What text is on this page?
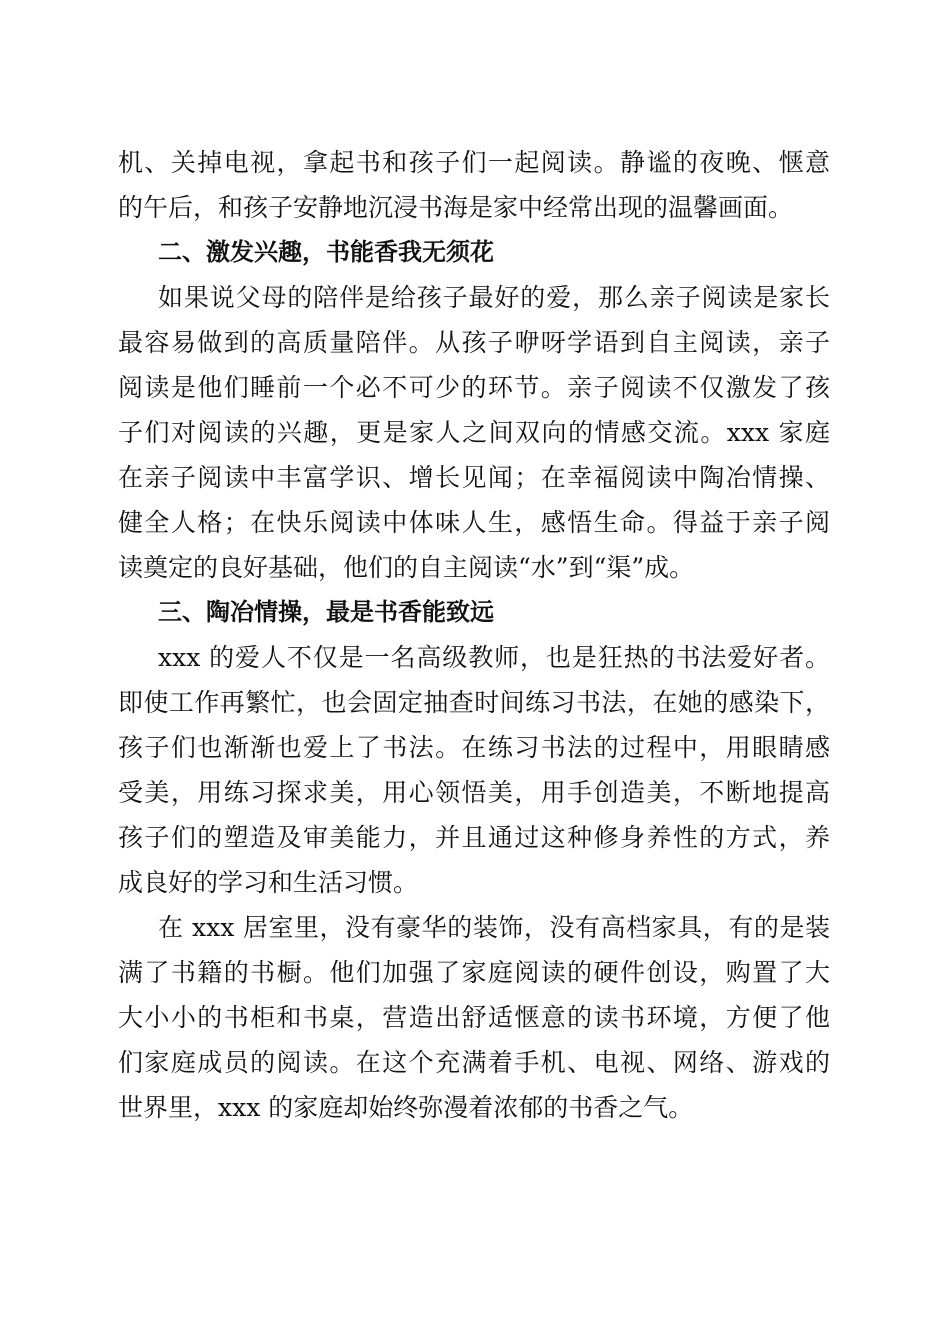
机、关掉电视，拿起书和孩子们一起阅读。静谧的夜晚、惬意
的午后，和孩子安静地沉浸书海是家中经常出现的温馨画面。
二、激发兴趣，书能香我无须花
如果说父母的陪伴是给孩子最好的爱，那么亲子阅读是家长
最容易做到的高质量陪伴。从孩子咿呀学语到自主阅读，亲子
阅读是他们睡前一个必不可少的环节。亲子阅读不仅激发了孩
子们对阅读的兴趣，更是家人之间双向的情感交流。xxx 家庭
在亲子阅读中丰富学识、增长见闻；在幸福阅读中陶冶情操、
健全人格；在快乐阅读中体味人生，感悟生命。得益于亲子阅
读奠定的良好基础，他们的自主阅读“水”到“渠”成。
三、陶冶情操，最是书香能致远
xxx 的爱人不仅是一名高级教师，也是狂热的书法爱好者。
即使工作再繁忙，也会固定抽查时间练习书法，在她的感染下，
孩子们也渐渐也爱上了书法。在练习书法的过程中，用眼睛感
受美，用练习探求美，用心领悟美，用手创造美，不断地提高
孩子们的塑造及审美能力，并且通过这种修身养性的方式，养
成良好的学习和生活习惯。
在 xxx 居室里，没有豪华的装饰，没有高档家具，有的是装
满了书籍的书橱。他们加强了家庭阅读的硬件创设，购置了大
大小小的书柜和书桌，营造出舒适惬意的读书环境，方便了他
们家庭成员的阅读。在这个充满着手机、电视、网络、游戏的
世界里，xxx 的家庭却始终弥漫着浓郁的书香之气。
